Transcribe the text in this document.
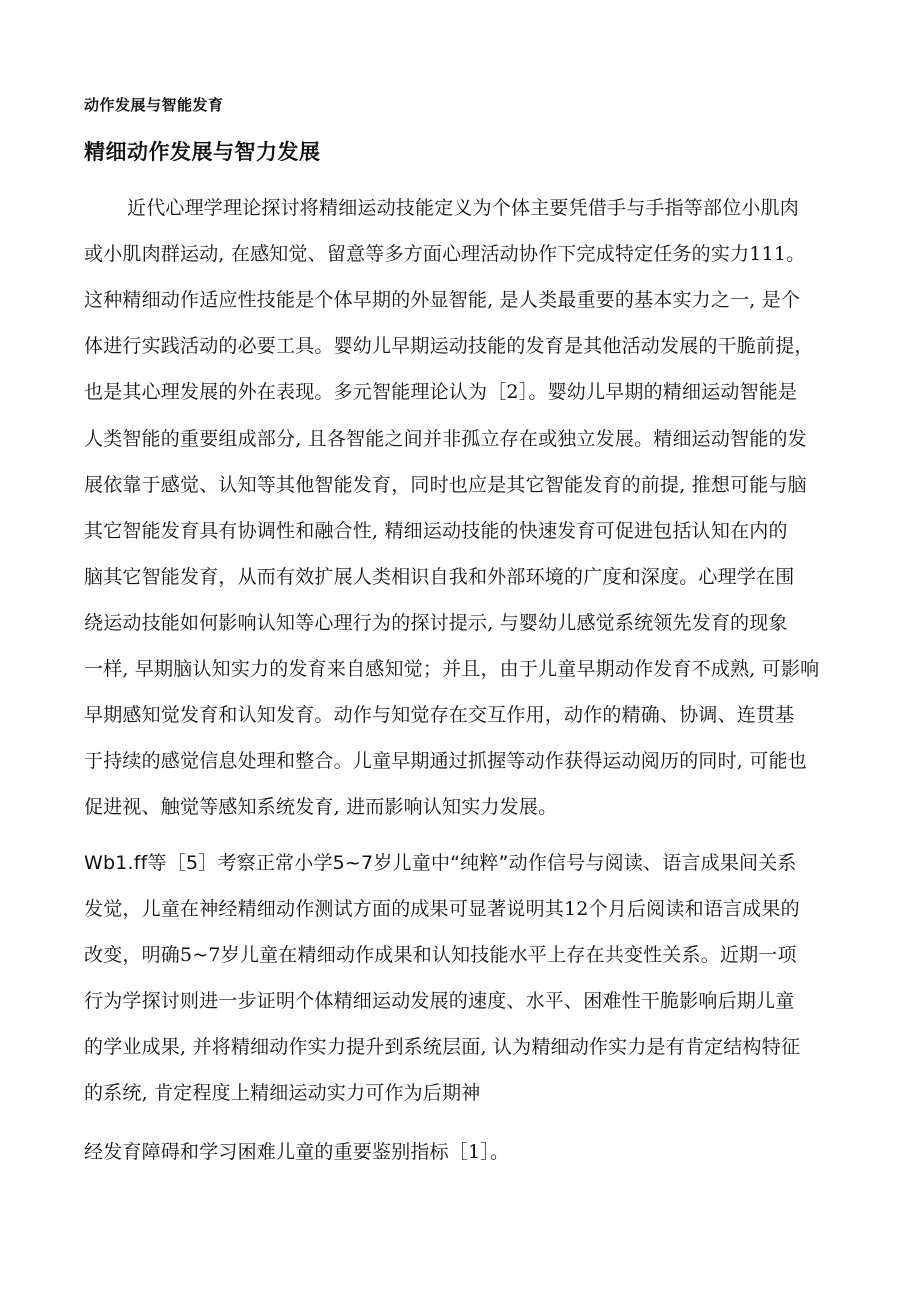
动作发展与智能发育
精细动作发展与智力发展
近代心理学理论探讨将精细运动技能定义为个体主要凭借手与手指等部位小肌肉
或小肌肉群运动, 在感知觉、留意等多方面心理活动协作下完成特定任务的实力111。
这种精细动作适应性技能是个体早期的外显智能, 是人类最重要的基本实力之一, 是个
体进行实践活动的必要工具。婴幼儿早期运动技能的发育是其他活动发展的干脆前提，
也是其心理发展的外在表现。多元智能理论认为［2］。婴幼儿早期的精细运动智能是
人类智能的重要组成部分, 且各智能之间并非孤立存在或独立发展。精细运动智能的发
展依靠于感觉、认知等其他智能发育，同时也应是其它智能发育的前提, 推想可能与脑
其它智能发育具有协调性和融合性, 精细运动技能的快速发育可促进包括认知在内的
脑其它智能发育，从而有效扩展人类相识自我和外部环境的广度和深度。心理学在围
绕运动技能如何影响认知等心理行为的探讨提示, 与婴幼儿感觉系统领先发育的现象
一样, 早期脑认知实力的发育来自感知觉；并且，由于儿童早期动作发育不成熟, 可影响
早期感知觉发育和认知发育。动作与知觉存在交互作用，动作的精确、协调、连贯基
于持续的感觉信息处理和整合。儿童早期通过抓握等动作获得运动阅历的同时, 可能也
促进视、触觉等感知系统发育, 进而影响认知实力发展。
Wb1.ff等［5］考察正常小学5~7岁儿童中“纯粹”动作信号与阅读、语言成果间关系
发觉，儿童在神经精细动作测试方面的成果可显著说明其12个月后阅读和语言成果的
改变，明确5~7岁儿童在精细动作成果和认知技能水平上存在共变性关系。近期一项
行为学探讨则进一步证明个体精细运动发展的速度、水平、困难性干脆影响后期儿童
的学业成果, 并将精细动作实力提升到系统层面, 认为精细动作实力是有肯定结构特征
的系统, 肯定程度上精细运动实力可作为后期神
经发育障碍和学习困难儿童的重要鉴别指标［1］。
